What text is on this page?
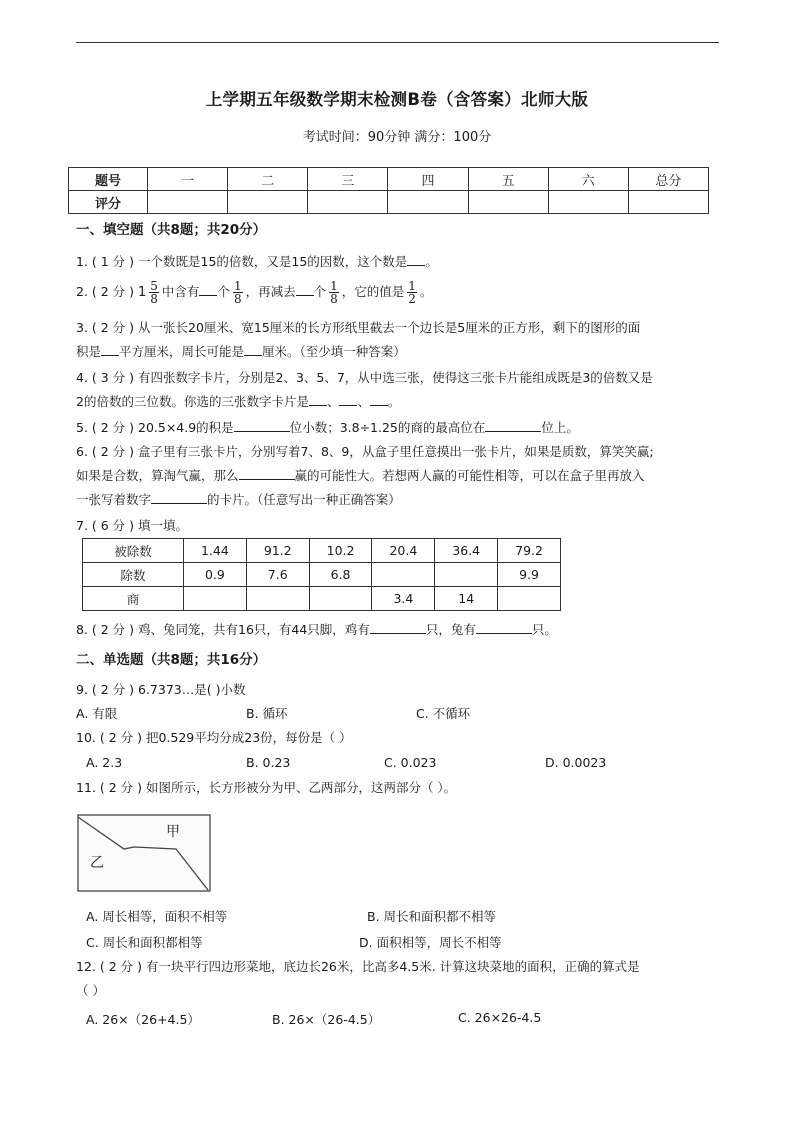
上学期五年级数学期末检测B卷（含答案）北师大版
考试时间：90分钟 满分：100分
题号	一	二	三	四	五	六	总分
评分							
一、填空题（共8题；共20分）
1. ( 1 分 ) 一个数既是15的倍数，又是15的因数，这个数是 。
2. ( 2 分 ) $1 \frac{5}{8}$ 中含有 个 $\frac{1}{8}$ ，再减去 个 $\frac{1}{8}$ ，它的值是 $\frac{1}{2}$ 。
3. ( 2 分 ) 从一张长20厘米、宽15厘米的长方形纸里截去一个边长是5厘米的正方形，剩下的图形的面
积是 平方厘米，周长可能是 厘米。（至少填一种答案）
4. ( 3 分 ) 有四张数字卡片，分别是2、3、5、7，从中选三张，使得这三张卡片能组成既是3的倍数又是
2的倍数的三位数。你选的三张数字卡片是 、 、 。
5. ( 2 分 ) 20.5×4.9的积是	位小数；3.8÷1.25的商的最高位在	位上。
6. ( 2 分 ) 盒子里有三张卡片，分别写着7、8、9，从盒子里任意摸出一张卡片，如果是质数，算笑笑赢;
如果是合数，算淘气赢，那么	赢的可能性大。若想两人赢的可能性相等，可以在盒子里再放入
一张写着数字	的卡片。（任意写出一种正确答案）
7. ( 6 分 ) 填一填。
被除数	1.44	91.2	10.2	20.4	36.4	79.2
除数	0.9	7.6	6.8			9.9
商				3.4	14	
8. ( 2 分 ) 鸡、兔同笼，共有16只，有44只脚，鸡有	只，兔有	只。
二、单选题（共8题；共16分）
9. ( 2 分 ) 6.7373…是( )小数
A. 有限	B. 循环	C. 不循环
10. ( 2 分 ) 把0.529平均分成23份，每份是（ ）
A. 2.3	B. 0.23	C. 0.023	D. 0.0023
11. ( 2 分 ) 如图所示，长方形被分为甲、乙两部分，这两部分（ ）。
甲
乙
A. 周长相等，面积不相等	B. 周长和面积都不相等
C. 周长和面积都相等	D. 面积相等，周长不相等
12. ( 2 分 ) 有一块平行四边形菜地，底边长26米，比高多4.5米. 计算这块菜地的面积，正确的算式是
（ ）
A. 26×（26+4.5）	B. 26×（26-4.5）	C. 26×26-4.5
